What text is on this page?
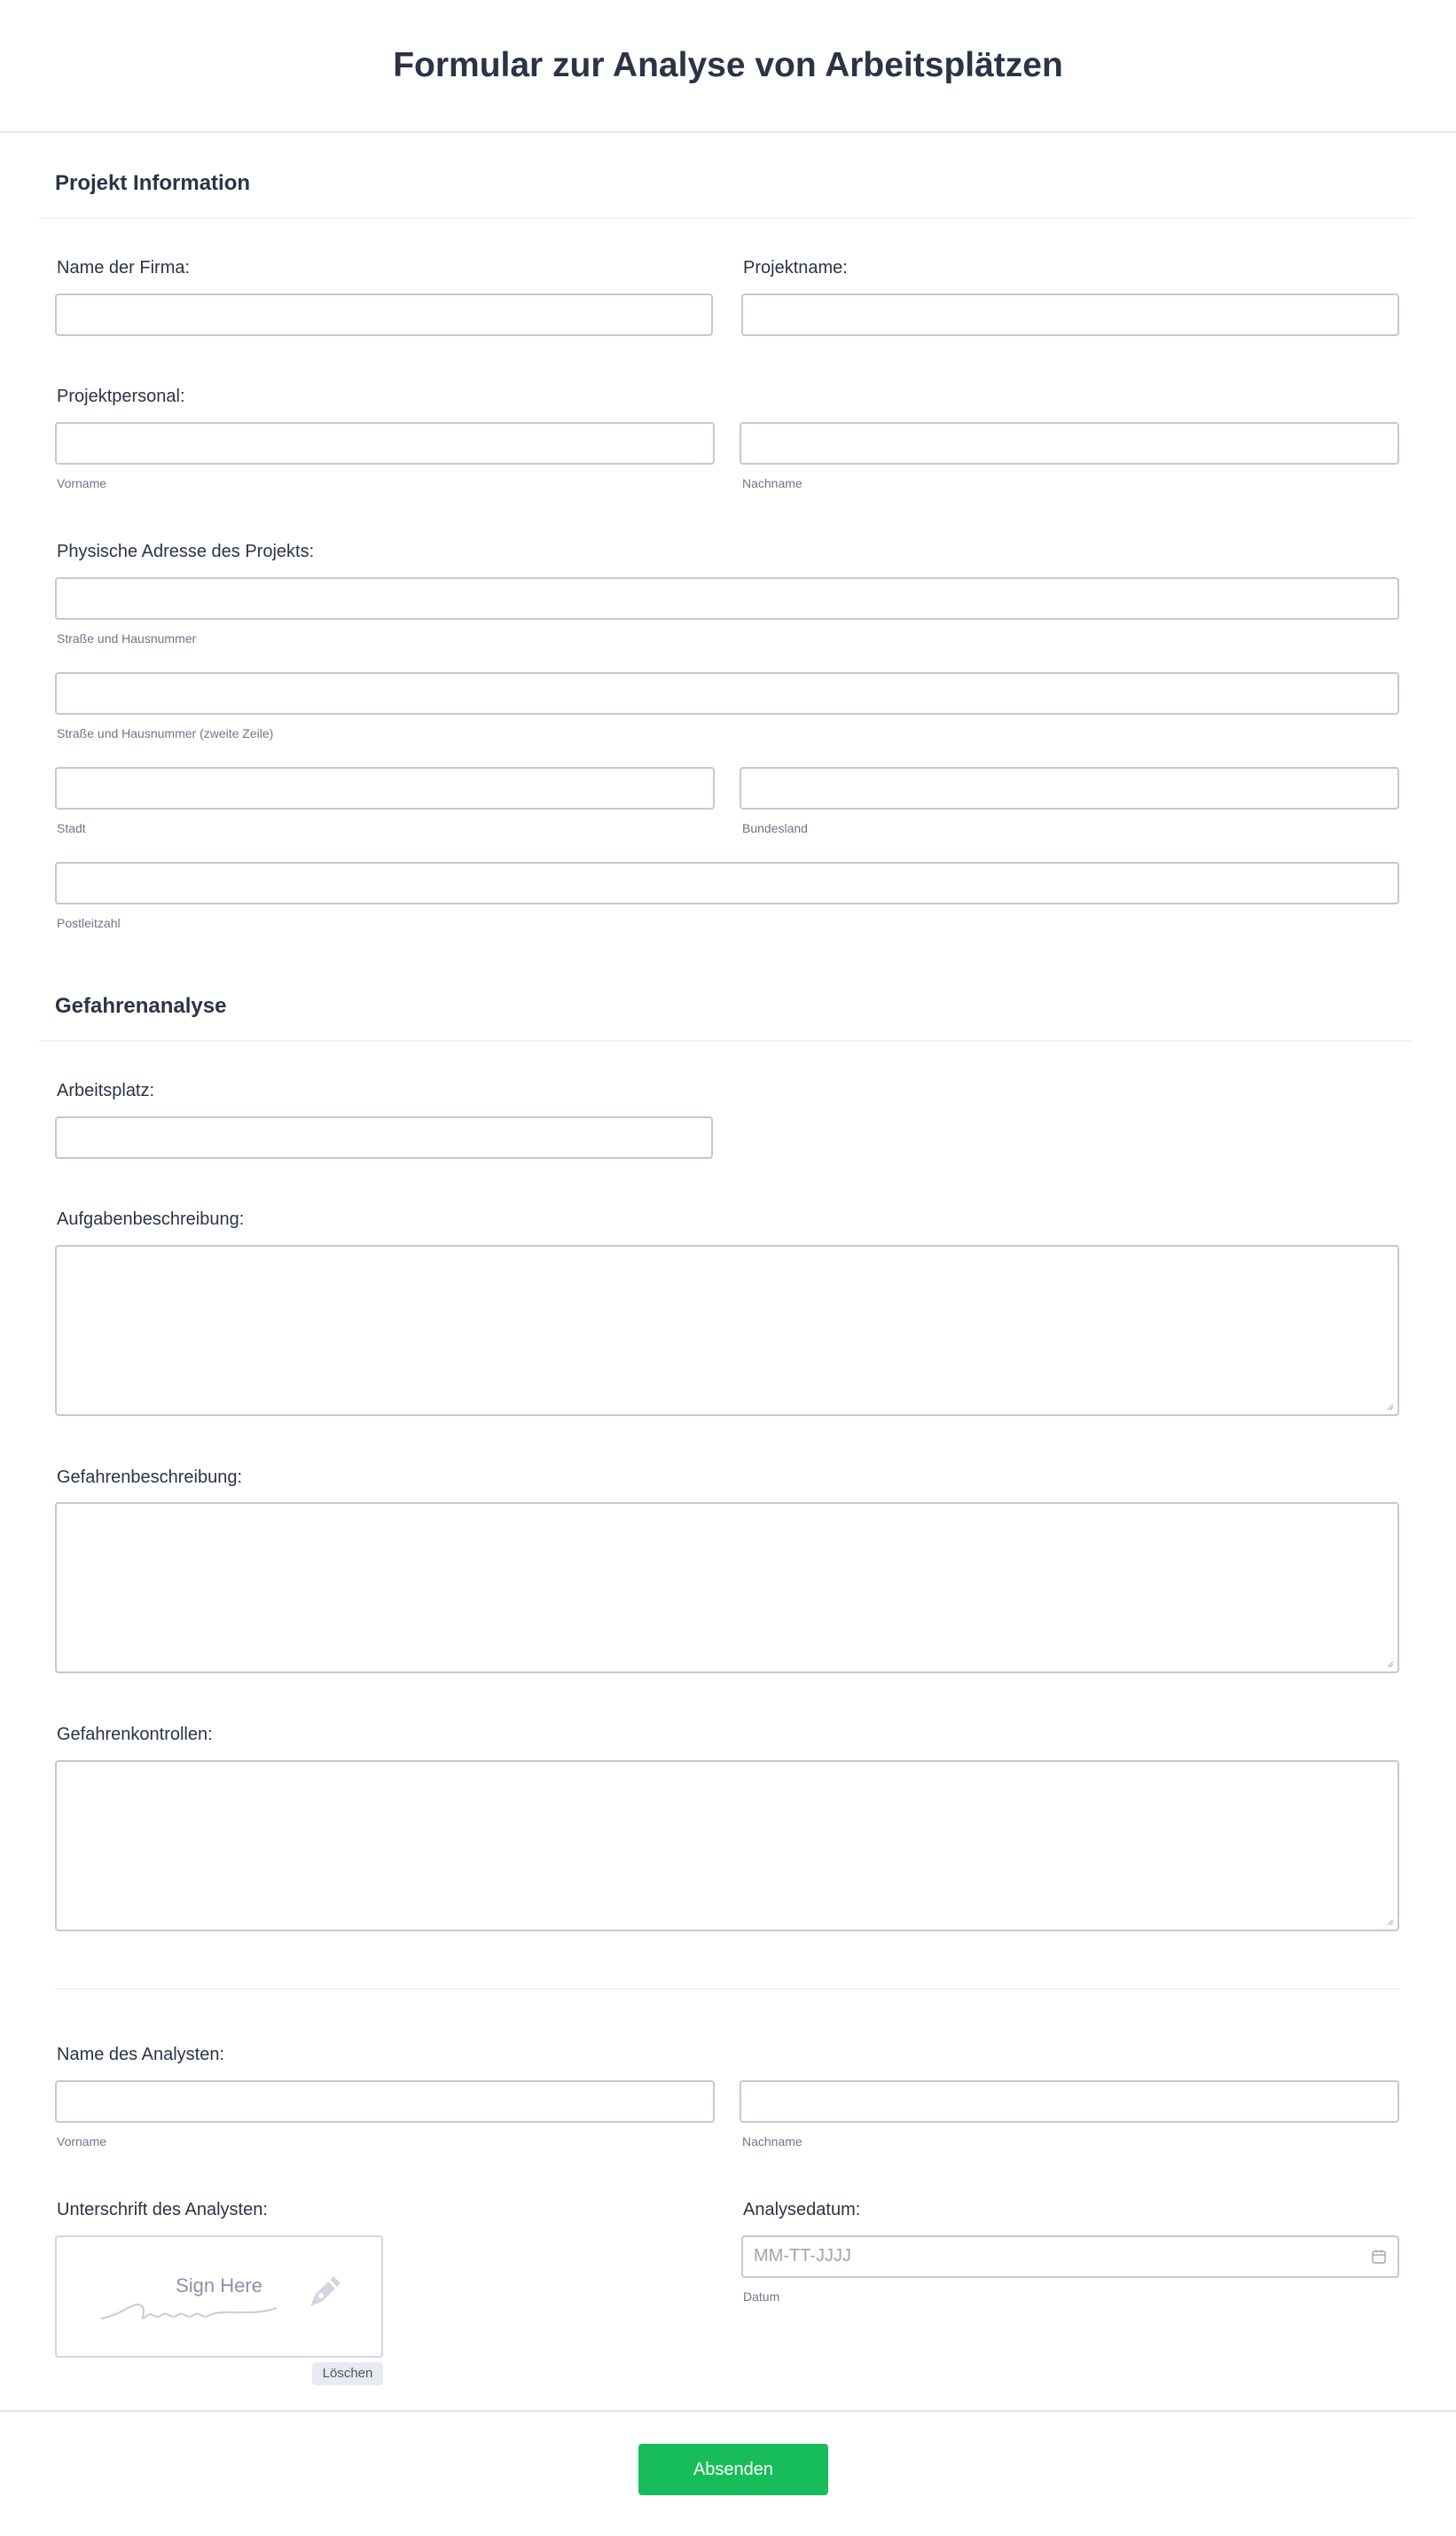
Formular zur Analyse von Arbeitsplätzen
Projekt Information
Name der Firma:	Projektname:
Projektpersonal:
Vorname	Nachname
Physische Adresse des Projekts:
Straße und Hausnummer
Straße und Hausnummer (zweite Zeile)
Stadt	Bundesland
Postleitzahl
Gefahrenanalyse
Arbeitsplatz:
Aufgabenbeschreibung:
Gefahrenbeschreibung:
Gefahrenkontrollen:
Name des Analysten:
Vorname	Nachname
Unterschrift des Analysten:
Sign Here
Löschen
Analysedatum:
MM-TT-JJJJ
Datum
Absenden
